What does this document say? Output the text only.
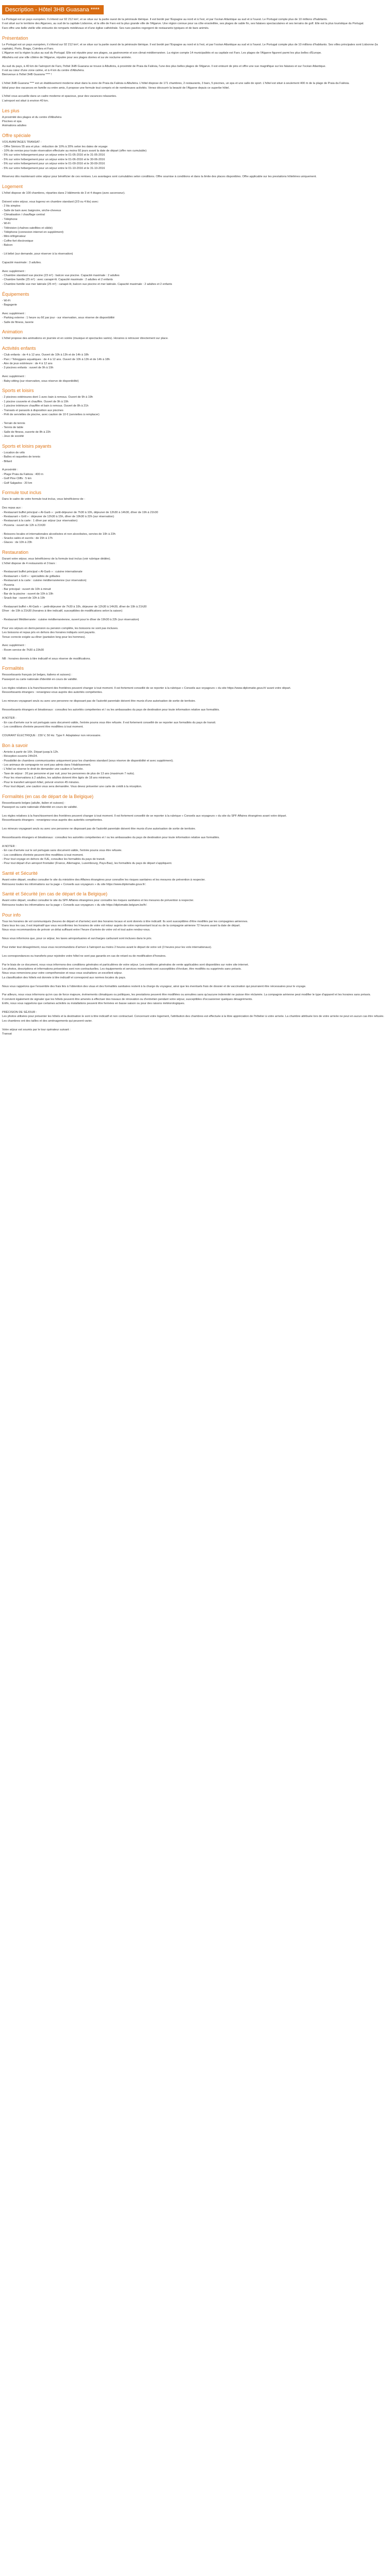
Description - Hôtel 3HB Guasana ****

La Portugal est un pays européen. Il s'étend sur 92 212 km², et se situe sur la partie ouest de la péninsule ibérique. Il est bordé par l'Espagne au nord et à l'est, et par l'océan Atlantique au sud et à l'ouest. Le Portugal compte plus de 10 millions d'habitants.

Il est situé sur le territoire des Algarves, au sud de la capitale Lisbonne, et la ville de Faro est la plus grande ville de l'Algarve. Une région connue pour sa côte ensoleillée, ses plages de sable fin, ses falaises spectaculaires et ses terrains de golf. Elle est la plus touristique du Portugal.

Faro offre une belle vieille ville entourée de remparts médiévaux et d'une église cathédrale. Ses rues pavées regorgent de restaurants typiques et de bars animés.

Présentation

Le Portugal est un pays européen, il s'étend sur 92 212 km², et se situe sur la partie ouest de la péninsule ibérique. Il est bordé par l'Espagne au nord et à l'est, et par l'océan Atlantique au sud et à l'ouest. Le Portugal compte plus de 10 millions d'habitants. Ses villes principales sont Lisbonne (la capitale), Porto, Braga, Coimbra et Faro.

L'Algarve est la région la plus au sud du Portugal. Elle est réputée pour ses plages, sa gastronomie et son climat méditerranéen. La région compte 14 municipalités et sa capitale est Faro. Les plages de l'Algarve figurent parmi les plus belles d'Europe.

Albufeira est une ville côtière de l'Algarve, réputée pour ses plages dorées et sa vie nocturne animée.

Au sud du pays, à 40 km de l'aéroport de Faro, l'hôtel 3HB Guarana se trouve à Albufeira, à proximité de Praia da Falésia, l'une des plus belles plages de l'Algarve. Il est entouré de pins et offre une vue magnifique sur les falaises et sur l'océan Atlantique.

Il est au cœur d'une zone calme, et à 4 km du centre d'Albufeira.

Bienvenue à l'hôtel 3HB Guarana **** !

L'hôtel 3HB Guarana **** est un établissement moderne situé dans la zone de Praia da Falésia à Albufeira. L'hôtel dispose de 171 chambres, 2 restaurants, 3 bars, 5 piscines, un spa et une salle de sport. L'hôtel est situé à seulement 400 m de la plage de Praia da Falésia.

Idéal pour des vacances en famille ou entre amis, il propose une formule tout compris et de nombreuses activités. Venez découvrir la beauté de l'Algarve depuis ce superbe hôtel.

L'hôtel vous accueille dans un cadre moderne et spacieux, pour des vacances relaxantes.

L'aéroport est situé à environ 40 km.

Les plus

A proximité des plages et du centre d'Albufeira

Piscines et spa

Animations adultes

Offre spéciale

VOS AVANTAGES TRANSAT :

- Offre Séniors 55 ans et plus : réduction de 10% à 20% selon les dates de voyage

- 10% de remise pour toute réservation effectuée au moins 60 jours avant la date de départ (offre non cumulable)

- 5% sur votre hébergement pour un séjour entre le 01-05-2016 et le 31-05-2016

- 5% sur votre hébergement pour un séjour entre le 01-06-2016 et le 30-06-2016

- 5% sur votre hébergement pour un séjour entre le 01-09-2016 et le 30-09-2016

- 5% sur votre hébergement pour un séjour entre le 01-10-2016 et le 31-10-2016

Réservez dès maintenant votre séjour pour bénéficier de ces remises. Les avantages sont cumulables selon conditions. Offre soumise à conditions et dans la limite des places disponibles. Offre applicable sur les prestations hôtelières uniquement.

Logement

L'hôtel dispose de 100 chambres, réparties dans 2 bâtiments de 3 et 4 étages (avec ascenseur).

Doivent votre séjour, vous logerez en chambre standard (2/3 ou 4 lits) avec:

- 2 lits simples

- Salle de bain avec baignoire, sèche-cheveux

- Climatisation / chauffage central

- Téléphone

- Wi-Fi

- Télévision (chaînes satellites et câble)

- Téléphone (connexion internet en supplément)

- Mini-réfrigérateur

- Coffre-fort électronique

- Balcon

- Lit bébé (sur demande, pour réserver à la réservation)

Capacité maximale : 3 adultes.

Avec supplément :

- Chambre standard vue piscine (23 m²) : balcon vue piscine. Capacité maximale : 2 adultes

- Chambre famille (25 m²) : avec canapé-lit. Capacité maximale : 2 adultes et 2 enfants

- Chambre famille vue mer latérale (25 m²) : canapé-lit, balcon vue piscine et mer latérale. Capacité maximale : 2 adultes et 2 enfants

Équipements

- Wi-Fi

- Bagagerie

Avec supplément :

- Parking externe : 1 heure ou 6€ par jour - sur réservation, sous réserve de disponibilité

- Salle de fitness, laverie

Animation

L'hôtel propose des animations en journée et en soirée (musique et spectacles variés). Horaires à retrouver directement sur place.

Activités enfants

- Club enfants : de 4 à 12 ans. Ouvert de 10h à 13h et de 14h à 18h

- Parc / Toboggans aquatiques : de 4 à 12 ans. Ouvert de 10h à 13h et de 14h à 18h

- Aire de jeux extérieure : de 4 à 12 ans

- 3 piscines enfants : ouvert de 9h à 19h

Avec supplément :

- Baby-sitting (sur réservation, sous réserve de disponibilité)

Sports et loisirs

- 2 piscines extérieures dont 1 avec bain à remous. Ouvert de 9h à 19h

- 1 piscine couverte et chauffée. Ouvert de 9h à 19h

- 1 piscine intérieure chauffée et bain à remous. Ouvert de 8h à 21h

- Transats et parasols à disposition aux piscines

- Prêt de serviettes de piscine, avec caution de 10 € (serviettes à remplacer)

- Terrain de tennis

- Tennis de table

- Salle de fitness, ouverte de 8h à 22h

- Jeux de société

Sports et loisirs payants

- Location de vélo

- Balles et raquettes de tennis

- Billard

A proximité :

- Plage Praia da Falésia : 400 m

- Golf Pine Cliffs : 5 km

- Golf Salgados : 20 km

Formule tout inclus

Dans le cadre de votre formule tout inclus, vous bénéficierez de :

Des repas aux :

- Restaurant buffet principal « Al-Garb » : petit-déjeuner de 7h30 à 10h, déjeuner de 12h30 à 14h30, dîner de 19h à 21h30

- Restaurant « Grill » : déjeuner de 12h30 à 15h, dîner de 19h30 à 22h (sur réservation)

- Restaurant à la carte : 1 dîner par séjour (sur réservation)

- Pizzeria : ouvert de 12h à 21h30

- Boissons locales et internationales alcoolisées et non alcoolisées, servies de 10h à 23h

- Snacks salés et sucrés : de 15h à 17h

- Glaces : de 10h à 23h

Restauration

Durant votre séjour, vous bénéficierez de la formule tout inclus (voir rubrique dédiée).

L'hôtel dispose de 4 restaurants et 3 bars :

- Restaurant buffet principal « Al-Garb » : cuisine internationale

- Restaurant « Grill » : spécialités de grillades

- Restaurant à la carte : cuisine méditerranéenne (sur réservation)

- Pizzeria

- Bar principal : ouvert de 10h à minuit

- Bar de la piscine : ouvert de 10h à 19h

- Snack-bar : ouvert de 10h à 19h

- Restaurant buffet « Al-Garb » : petit-déjeuner de 7h30 à 10h, déjeuner de 12h30 à 14h30, dîner de 19h à 21h30

Dîner : de 19h à 21h30 (horaires à titre indicatif, susceptibles de modifications selon la saison)

- Restaurant Méditerranée : cuisine méditerranéenne, ouvert pour le dîner de 19h30 à 22h (sur réservation)

Pour vos séjours en demi-pension ou pension complète, les boissons ne sont pas incluses.

Les boissons et repas pris en dehors des horaires indiqués sont payants.

Tenue correcte exigée au dîner (pantalon long pour les hommes).

Avec supplément :

- Room service de 7h30 à 23h30

NB : horaires donnés à titre indicatif et sous réserve de modifications.

Formalités

Ressortissants français (et belges, italiens et suisses) :

Passeport ou carte nationale d'identité en cours de validité.

Les règles relatives à la franchissement des frontières peuvent changer à tout moment. Il est fortement conseillé de se reporter à la rubrique « Conseils aux voyageurs » du site https://www.diplomatie.gouv.fr/ avant votre départ.

Ressortissants étrangers : renseignez-vous auprès des autorités compétentes.

Les mineurs voyageant seuls ou avec une personne ne disposant pas de l'autorité parentale doivent être munis d'une autorisation de sortie de territoire.

Ressortissants étrangers et binationaux : consultez les autorités compétentes et / ou les ambassades du pays de destination pour toute information relative aux formalités.

A NOTER :

- En cas d'arrivée sur le sol portugais sans document valide, l'entrée pourra vous être refusée. Il est fortement conseillé de se reporter aux formalités du pays de transit.

- Les conditions d'entrée peuvent être modifiées à tout moment.

COURANT ÉLECTRIQUE : 230 V, 50 Hz. Type F. Adaptateur non nécessaire.

Bon à savoir

- Arrivée à partir de 16h. Départ jusqu'à 12h.

- Réception ouverte 24h/24.

- Possibilité de chambres communicantes uniquement pour les chambres standard (sous réserve de disponibilité et avec supplément).

- Les animaux de compagnie ne sont pas admis dans l'établissement.

- L'hôtel se réserve le droit de demander une caution à l'arrivée.

- Taxe de séjour : 2€ par personne et par nuit, pour les personnes de plus de 13 ans (maximum 7 nuits).

- Pour les réservations à 2 adultes, les adultes doivent être âgés de 18 ans minimum.

- Pour le transfert aéroport-hôtel, prévoir environ 45 minutes.

- Pour tout départ, une caution vous sera demandée. Vous devez présenter une carte de crédit à la réception.

Formalités (en cas de départ de la Belgique)

Ressortissants belges (adulte, italien et suisses) :

Passeport ou carte nationale d'identité en cours de validité.

Les règles relatives à la franchissement des frontières peuvent changer à tout moment. Il est fortement conseillé de se reporter à la rubrique « Conseils aux voyageurs » du site du SPF Affaires étrangères avant votre départ.

Ressortissants étrangers : renseignez-vous auprès des autorités compétentes.

Les mineurs voyageant seuls ou avec une personne ne disposant pas de l'autorité parentale doivent être munis d'une autorisation de sortie de territoire.

Ressortissants étrangers et binationaux : consultez les autorités compétentes et / ou les ambassades du pays de destination pour toute information relative aux formalités.

A NOTER :

- En cas d'arrivée sur le sol portugais sans document valide, l'entrée pourra vous être refusée.

- Les conditions d'entrée peuvent être modifiées à tout moment.

- Pour tout voyage en dehors de l'UE, consultez les formalités du pays de transit.

- Pour tout départ d'un aéroport frontalier (France, Allemagne, Luxembourg, Pays-Bas), les formalités du pays de départ s'appliquent.

Santé et Sécurité

Avant votre départ, veuillez consulter le site du ministère des Affaires étrangères pour connaître les risques sanitaires et les mesures de prévention à respecter.

Retrouvez toutes les informations sur la page « Conseils aux voyageurs » du site https://www.diplomatie.gouv.fr/.

Santé et Sécurité (en cas de départ de la Belgique)

Avant votre départ, veuillez consulter le site du SPF Affaires étrangères pour connaître les risques sanitaires et les mesures de prévention à respecter.

Retrouvez toutes les informations sur la page « Conseils aux voyageurs » du site https://diplomatie.belgium.be/fr/.

Pour info

Tous les horaires de vol communiqués (heures de départ et d'arrivée) sont des horaires locaux et sont donnés à titre indicatif. Ils sont susceptibles d'être modifiés par les compagnies aériennes.

Dans tous les cas, il est impératif que vous reconfirmiez les horaires de votre vol retour auprès de votre représentant local ou de la compagnie aérienne 72 heures avant la date de départ.

Nous vous recommandons de prévoir un délai suffisant entre l'heure d'arrivée de votre vol et tout autre rendez-vous.

Nous vous informons que, pour ce séjour, les taxes aéroportuaires et surcharges carburant sont incluses dans le prix.

Pour éviter tout désagrément, nous vous recommandons d'arriver à l'aéroport au moins 2 heures avant le départ de votre vol (3 heures pour les vols internationaux).

Les correspondances ou transferts pour rejoindre votre hôtel ne sont pas garantis en cas de retard ou de modification d'horaires.

Par le biais de ce document, nous vous informons des conditions générales et particulières de votre séjour. Les conditions générales de vente applicables sont disponibles sur notre site internet.

Les photos, descriptions et informations présentées sont non contractuelles. Les équipements et services mentionnés sont susceptibles d'évoluer, être modifiés ou supprimés sans préavis.

Nous vous remercions pour votre compréhension et nous vous souhaitons un excellent séjour.

La classification des hôtels est donnée à titre indicatif et correspond aux normes locales du pays.

Nous vous rappelons que l'ensemble des frais liés à l'obtention des visas et des formalités sanitaires restent à la charge du voyageur, ainsi que les éventuels frais de dossier et de vaccination qui pourraient être nécessaires pour le voyage.

Par ailleurs, nous vous informons qu'en cas de force majeure, événements climatiques ou politiques, les prestations peuvent être modifiées ou annulées sans qu'aucune indemnité ne puisse être réclamée. La compagnie aérienne peut modifier le type d'appareil et les horaires sans préavis.

Il convient également de signaler que les hôtels peuvent être amenés à effectuer des travaux de rénovation ou d'entretien pendant votre séjour, susceptibles d'occasionner quelques désagréments.

Enfin, nous vous rappelons que certaines activités ou installations peuvent être fermées en basse saison ou pour des raisons météorologiques.

PRÉCISION DE SÉJOUR :

Les photos utilisées pour présenter les hôtels et la destination le sont à titre indicatif et non contractuel. Concernant votre logement, l'attribution des chambres est effectuée à la libre appréciation de l'hôtelier à votre arrivée. La chambre attribuée lors de votre arrivée ne peut en aucun cas être refusée. Les chambres ont des tailles et des aménagements qui peuvent varier.

Votre séjour est soumis par le tour opérateur suivant :

Transat
